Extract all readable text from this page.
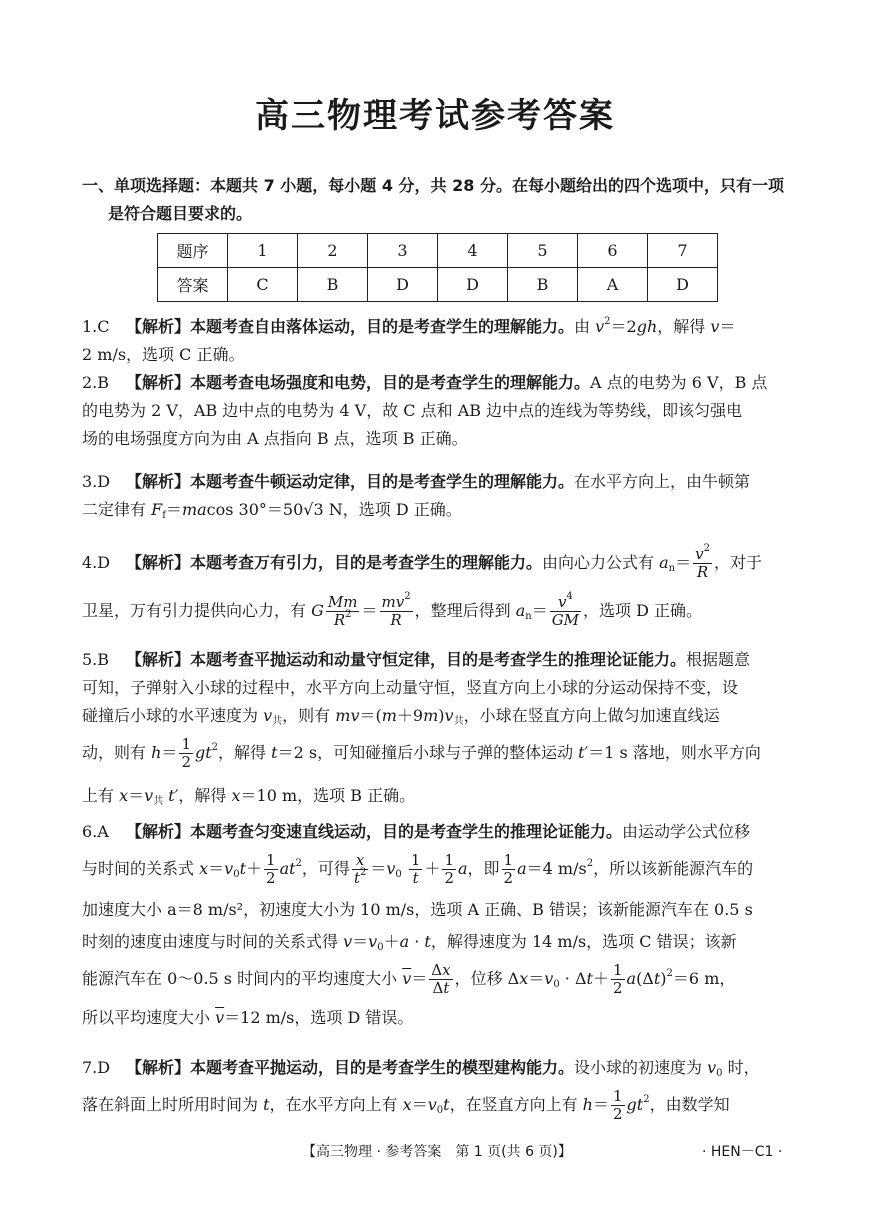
高三物理考试参考答案
一、单项选择题：本题共 7 小题，每小题 4 分，共 28 分。在每小题给出的四个选项中，只有一项
是符合题目要求的。
题序	1	2	3	4	5	6	7
答案	C	B	D	D	B	A	D
1.C 【解析】本题考查自由落体运动，目的是考查学生的理解能力。由 $v^2=2gh$，解得 v＝
2 m/s，选项 C 正确。
2.B 【解析】本题考查电场强度和电势，目的是考查学生的理解能力。A 点的电势为 6 V，B 点
的电势为 2 V，AB 边中点的电势为 4 V，故 C 点和 AB 边中点的连线为等势线，即该匀强电
场的电场强度方向为由 A 点指向 B 点，选项 B 正确。
3.D 【解析】本题考查牛顿运动定律，目的是考查学生的理解能力。在水平方向上，由牛顿第
二定律有 $F_f=macos$ 30°＝50√3 N，选项 D 正确。
4.D 【解析】本题考查万有引力，目的是考查学生的理解能力。由向心力公式有 $a_n= \frac{v^2}{R}$ ，对于
卫星，万有引力提供向心力，有 G $\frac{Mm}{R^2} = \frac{mv^2}{R}$ ，整理后得到 $a_n= \frac{v^4}{GM}$ ，选项 D 正确。
5.B 【解析】本题考查平抛运动和动量守恒定律，目的是考查学生的推理论证能力。根据题意
可知，子弹射入小球的过程中，水平方向上动量守恒，竖直方向上小球的分运动保持不变，设
碰撞后小球的水平速度为 $v_共$，则有 $mv=(m+9m)v_共$，小球在竖直方向上做匀加速直线运
动，则有 $h= \frac{1}{2} gt^2$，解得 t＝2 s，可知碰撞后小球与子弹的整体运动 t′＝1 s 落地，则水平方向
上有 $x=v_共$ t′，解得 x＝10 m，选项 B 正确。
6.A 【解析】本题考查匀变速直线运动，目的是考查学生的推理论证能力。由运动学公式位移
与时间的关系式 $x=v_0t+ \frac{1}{2} at^2$，可得 $\frac{x}{t^2} =v_0 \frac{1}{t} + \frac{1}{2}$ a，即 $\frac{1}{2} a=4$ $m/s^2$，所以该新能源汽车的
加速度大小 a＝8 m/s²，初速度大小为 10 m/s，选项 A 正确、B 错误；该新能源汽车在 0.5 s
时刻的速度由速度与时间的关系式得 $v=v_0+a \cdot t$，解得速度为 14 m/s，选项 C 错误；该新
能源汽车在 0～0.5 s 时间内的平均速度大小 $\overline{v}= \frac{\Delta x}{\Delta t}$ ，位移 $\Delta x=v_0 \cdot \Delta t+ \frac{1}{2} a(\Delta t)^2=6$ m，
所以平均速度大小 $\overline{v}=12$ m/s，选项 D 错误。
7.D 【解析】本题考查平抛运动，目的是考查学生的模型建构能力。设小球的初速度为 $v_0$ 时，
落在斜面上时所用时间为 t，在水平方向上有 $x=v_0t$，在竖直方向上有 $h= \frac{1}{2} gt^2$，由数学知
【高三物理 · 参考答案　第 1 页(共 6 页)】	· HEN－C1 ·
